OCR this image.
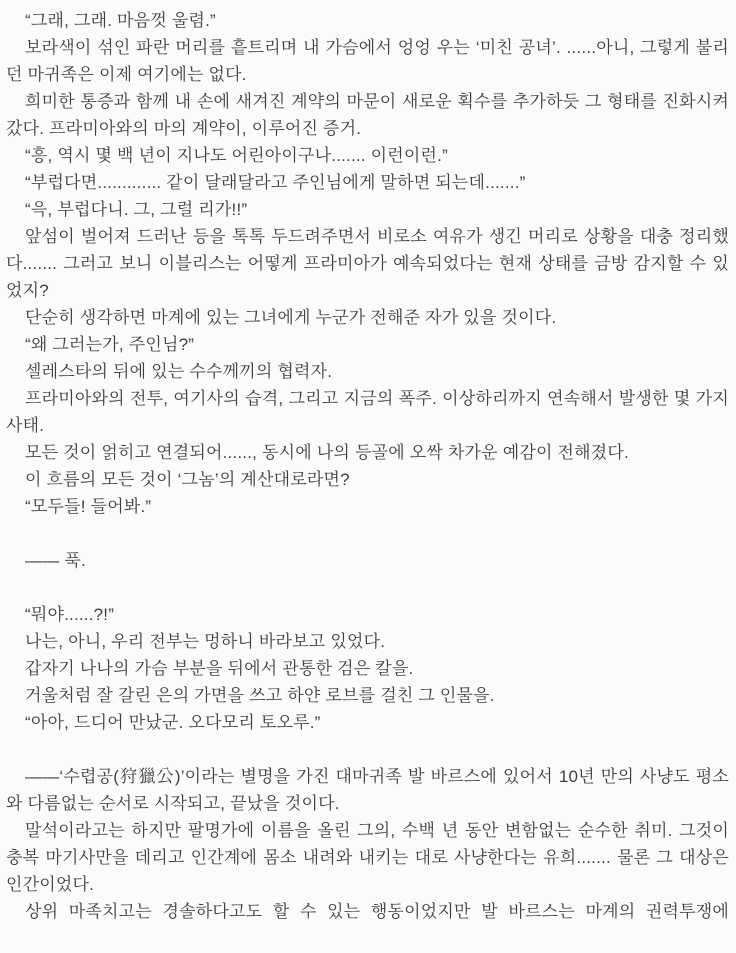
“그래, 그래. 마음껏 울렴.”

보라색이 섞인 파란 머리를 흩트리며 내 가슴에서 엉엉 우는 ‘미친 공녀’. ......아니, 그렇게 불리던 마귀족은 이제 여기에는 없다.

희미한 통증과 함께 내 손에 새겨진 계약의 마문이 새로운 획수를 추가하듯 그 형태를 진화시켜갔다. 프라미아와의 마의 계약이, 이루어진 증거.

“흥, 역시 몇 백 년이 지나도 어린아이구나....... 이런이런.”

“부럽다면............. 같이 달래달라고 주인님에게 말하면 되는데.......”

“윽, 부럽다니. 그, 그럴 리가!!”

앞섬이 벌어져 드러난 등을 톡톡 두드려주면서 비로소 여유가 생긴 머리로 상황을 대충 정리했다....... 그러고 보니 이블리스는 어떻게 프라미아가 예속되었다는 현재 상태를 금방 감지할 수 있었지?

단순히 생각하면 마계에 있는 그녀에게 누군가 전해준 자가 있을 것이다.

“왜 그러는가, 주인님?”

셀레스타의 뒤에 있는 수수께끼의 협력자.

프라미아와의 전투, 여기사의 습격, 그리고 지금의 폭주. 이상하리까지 연속해서 발생한 몇 가지 사태.

모든 것이 얽히고 연결되어......, 동시에 나의 등골에 오싹 차가운 예감이 전해졌다.

이 흐름의 모든 것이 ‘그놈’의 계산대로라면?

“모두들! 들어봐.”

—— 푹.

“뭐야......?!”

나는, 아니, 우리 전부는 멍하니 바라보고 있었다.

갑자기 나나의 가슴 부분을 뒤에서 관통한 검은 칼을.

거울처럼 잘 갈린 은의 가면을 쓰고 하얀 로브를 걸친 그 인물을.

“아아, 드디어 만났군. 오다모리 토오루.”

——‘수렵공(狩獵公)’이라는 별명을 가진 대마귀족 발 바르스에 있어서 10년 만의 사냥도 평소와 다름없는 순서로 시작되고, 끝났을 것이다.

말석이라고는 하지만 팔명가에 이름을 올린 그의, 수백 년 동안 변함없는 순수한 취미. 그것이 충복 마기사만을 데리고 인간계에 몸소 내려와 내키는 대로 사냥한다는 유희....... 물론 그 대상은 인간이었다.

상위 마족치고는 경솔하다고도 할 수 있는 행동이었지만 발 바르스는 마계의 권력투쟁에
